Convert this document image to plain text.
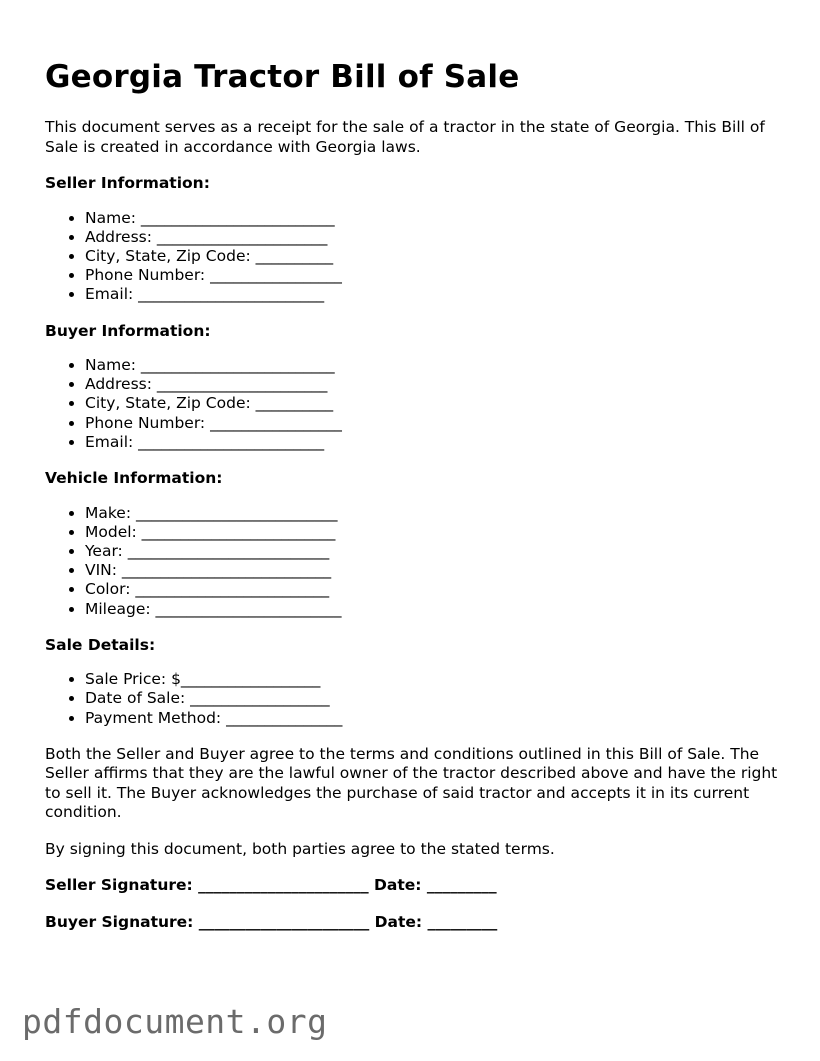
Georgia Tractor Bill of Sale

This document serves as a receipt for the sale of a tractor in the state of Georgia. This Bill of Sale is created in accordance with Georgia laws.

Seller Information:

• Name: _________________________
• Address: ______________________
• City, State, Zip Code: __________
• Phone Number: _________________
• Email: ________________________

Buyer Information:

• Name: _________________________
• Address: ______________________
• City, State, Zip Code: __________
• Phone Number: _________________
• Email: ________________________

Vehicle Information:

• Make: __________________________
• Model: _________________________
• Year: __________________________
• VIN: ___________________________
• Color: _________________________
• Mileage: ________________________

Sale Details:

• Sale Price: $__________________
• Date of Sale: __________________
• Payment Method: _______________

Both the Seller and Buyer agree to the terms and conditions outlined in this Bill of Sale. The Seller affirms that they are the lawful owner of the tractor described above and have the right to sell it. The Buyer acknowledges the purchase of said tractor and accepts it in its current condition.

By signing this document, both parties agree to the stated terms.

Seller Signature: ______________________ Date: _________

Buyer Signature: ______________________ Date: _________

pdfdocument.org
